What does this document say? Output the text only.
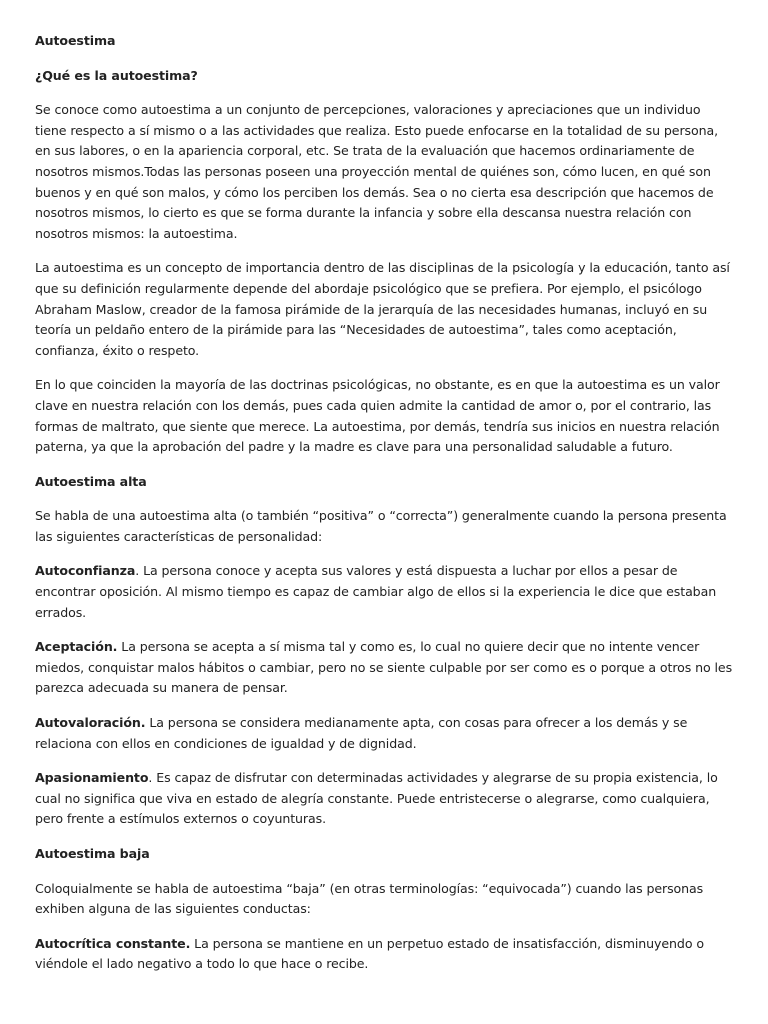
Autoestima
¿Qué es la autoestima?

Se conoce como autoestima a un conjunto de percepciones, valoraciones y apreciaciones que un individuo tiene respecto a sí mismo o a las actividades que realiza. Esto puede enfocarse en la totalidad de su persona, en sus labores, o en la apariencia corporal, etc. Se trata de la evaluación que hacemos ordinariamente de nosotros mismos.Todas las personas poseen una proyección mental de quiénes son, cómo lucen, en qué son buenos y en qué son malos, y cómo los perciben los demás. Sea o no cierta esa descripción que hacemos de nosotros mismos, lo cierto es que se forma durante la infancia y sobre ella descansa nuestra relación con nosotros mismos: la autoestima.

La autoestima es un concepto de importancia dentro de las disciplinas de la psicología y la educación, tanto así que su definición regularmente depende del abordaje psicológico que se prefiera. Por ejemplo, el psicólogo Abraham Maslow, creador de la famosa pirámide de la jerarquía de las necesidades humanas, incluyó en su teoría un peldaño entero de la pirámide para las “Necesidades de autoestima”, tales como aceptación, confianza, éxito o respeto.

En lo que coinciden la mayoría de las doctrinas psicológicas, no obstante, es en que la autoestima es un valor clave en nuestra relación con los demás, pues cada quien admite la cantidad de amor o, por el contrario, las formas de maltrato, que siente que merece. La autoestima, por demás, tendría sus inicios en nuestra relación paterna, ya que la aprobación del padre y la madre es clave para una personalidad saludable a futuro.

Autoestima alta

Se habla de una autoestima alta (o también “positiva” o “correcta”) generalmente cuando la persona presenta las siguientes características de personalidad:

Autoconfianza. La persona conoce y acepta sus valores y está dispuesta a luchar por ellos a pesar de encontrar oposición. Al mismo tiempo es capaz de cambiar algo de ellos si la experiencia le dice que estaban errados.

Aceptación. La persona se acepta a sí misma tal y como es, lo cual no quiere decir que no intente vencer miedos, conquistar malos hábitos o cambiar, pero no se siente culpable por ser como es o porque a otros no les parezca adecuada su manera de pensar.

Autovaloración. La persona se considera medianamente apta, con cosas para ofrecer a los demás y se relaciona con ellos en condiciones de igualdad y de dignidad.

Apasionamiento. Es capaz de disfrutar con determinadas actividades y alegrarse de su propia existencia, lo cual no significa que viva en estado de alegría constante. Puede entristecerse o alegrarse, como cualquiera, pero frente a estímulos externos o coyunturas.

Autoestima baja

Coloquialmente se habla de autoestima “baja” (en otras terminologías: “equivocada”) cuando las personas exhiben alguna de las siguientes conductas:

Autocrítica constante. La persona se mantiene en un perpetuo estado de insatisfacción, disminuyendo o viéndole el lado negativo a todo lo que hace o recibe.
